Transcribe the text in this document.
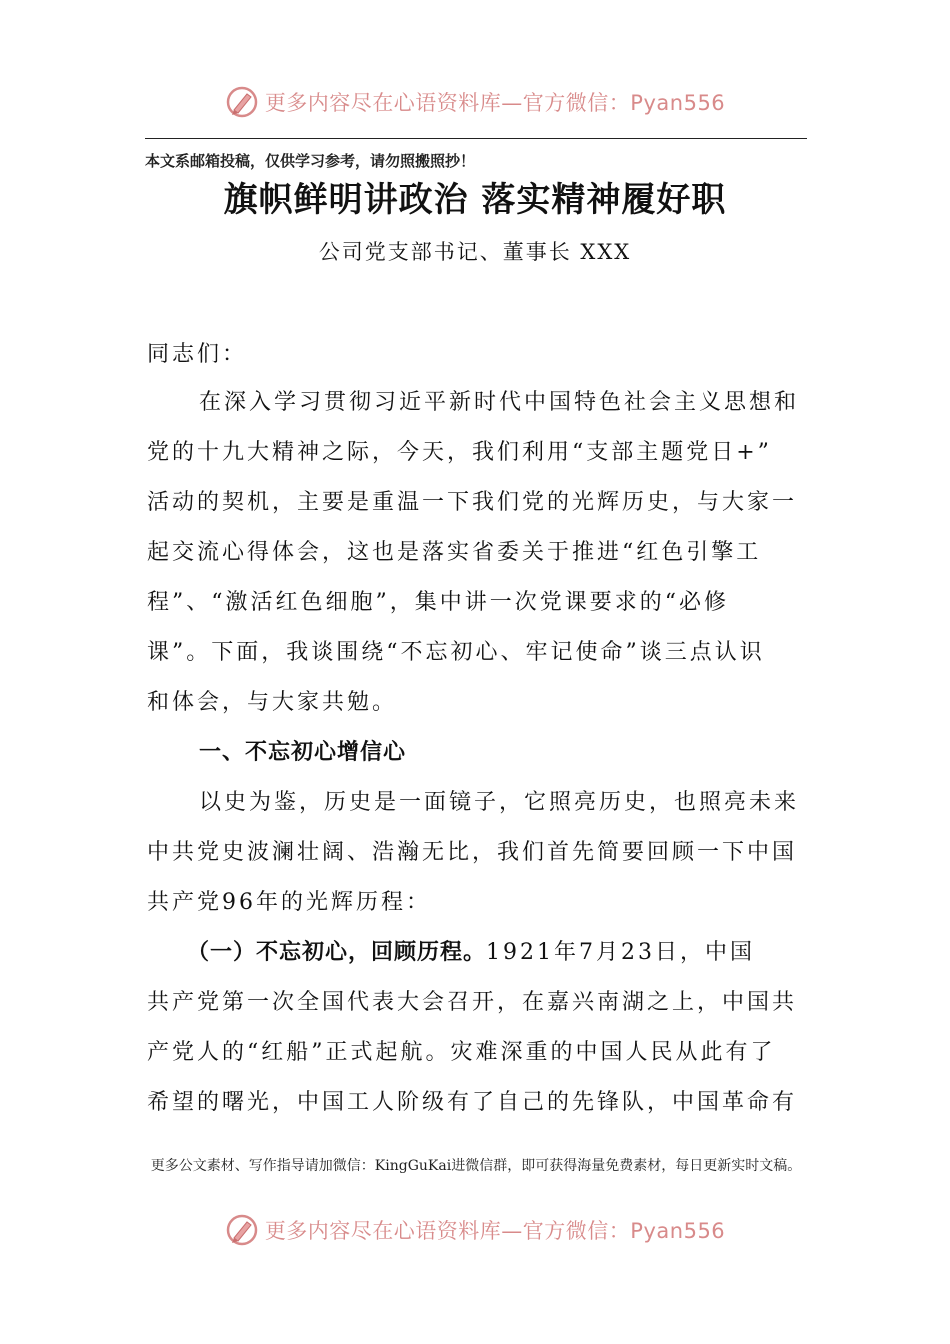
更多内容尽在心语资料库—官方微信：Pyan556
本文系邮箱投稿，仅供学习参考，请勿照搬照抄！
旗帜鲜明讲政治 落实精神履好职
公司党支部书记、董事长 XXX
同志们：
在深入学习贯彻习近平新时代中国特色社会主义思想和
党的十九大精神之际，今天，我们利用“支部主题党日+”
活动的契机，主要是重温一下我们党的光辉历史，与大家一
起交流心得体会，这也是落实省委关于推进“红色引擎工
程”、“激活红色细胞”，集中讲一次党课要求的“必修
课”。下面，我谈围绕“不忘初心、牢记使命”谈三点认识
和体会，与大家共勉。
一、不忘初心增信心
以史为鉴，历史是一面镜子，它照亮历史，也照亮未来
中共党史波澜壮阔、浩瀚无比，我们首先简要回顾一下中国
共产党96年的光辉历程：
（一）不忘初心，回顾历程。1921年7月23日，中国
共产党第一次全国代表大会召开，在嘉兴南湖之上，中国共
产党人的“红船”正式起航。灾难深重的中国人民从此有了
希望的曙光，中国工人阶级有了自己的先锋队，中国革命有
更多公文素材、写作指导请加微信：KingGuKai进微信群，即可获得海量免费素材，每日更新实时文稿。
更多内容尽在心语资料库—官方微信：Pyan556
